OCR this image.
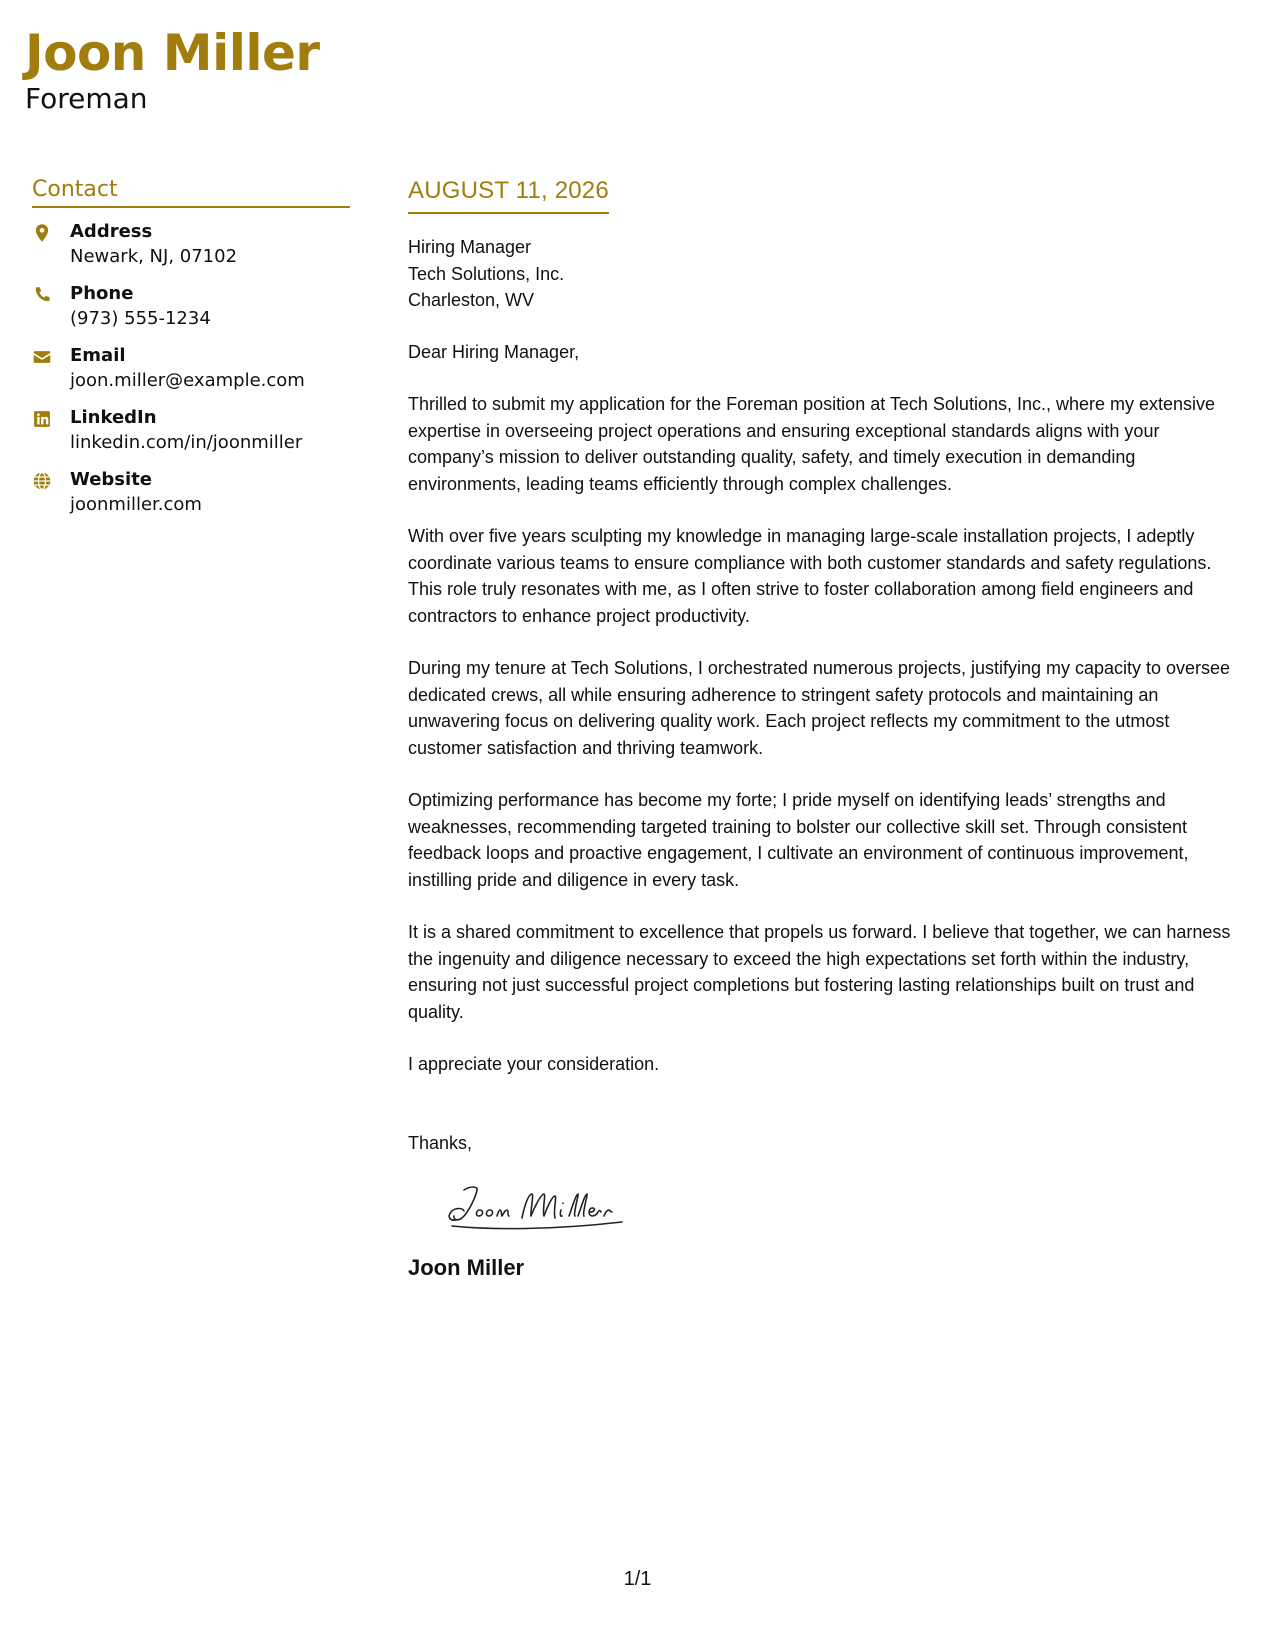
Joon Miller
Foreman
Contact
Address
Newark, NJ, 07102
Phone
(973) 555-1234
Email
joon.miller@example.com
LinkedIn
linkedin.com/in/joonmiller
Website
joonmiller.com
AUGUST 11, 2026
Hiring Manager
Tech Solutions, Inc.
Charleston, WV
Dear Hiring Manager,

Thrilled to submit my application for the Foreman position at Tech Solutions, Inc., where my extensive expertise in overseeing project operations and ensuring exceptional standards aligns with your company’s mission to deliver outstanding quality, safety, and timely execution in demanding environments, leading teams efficiently through complex challenges.

With over five years sculpting my knowledge in managing large-scale installation projects, I adeptly coordinate various teams to ensure compliance with both customer standards and safety regulations. This role truly resonates with me, as I often strive to foster collaboration among field engineers and contractors to enhance project productivity.

During my tenure at Tech Solutions, I orchestrated numerous projects, justifying my capacity to oversee dedicated crews, all while ensuring adherence to stringent safety protocols and maintaining an unwavering focus on delivering quality work. Each project reflects my commitment to the utmost customer satisfaction and thriving teamwork.

Optimizing performance has become my forte; I pride myself on identifying leads’ strengths and weaknesses, recommending targeted training to bolster our collective skill set. Through consistent feedback loops and proactive engagement, I cultivate an environment of continuous improvement, instilling pride and diligence in every task.

It is a shared commitment to excellence that propels us forward. I believe that together, we can harness the ingenuity and diligence necessary to exceed the high expectations set forth within the industry, ensuring not just successful project completions but fostering lasting relationships built on trust and quality.

I appreciate your consideration.

Thanks,
Joon Miller
1/1
